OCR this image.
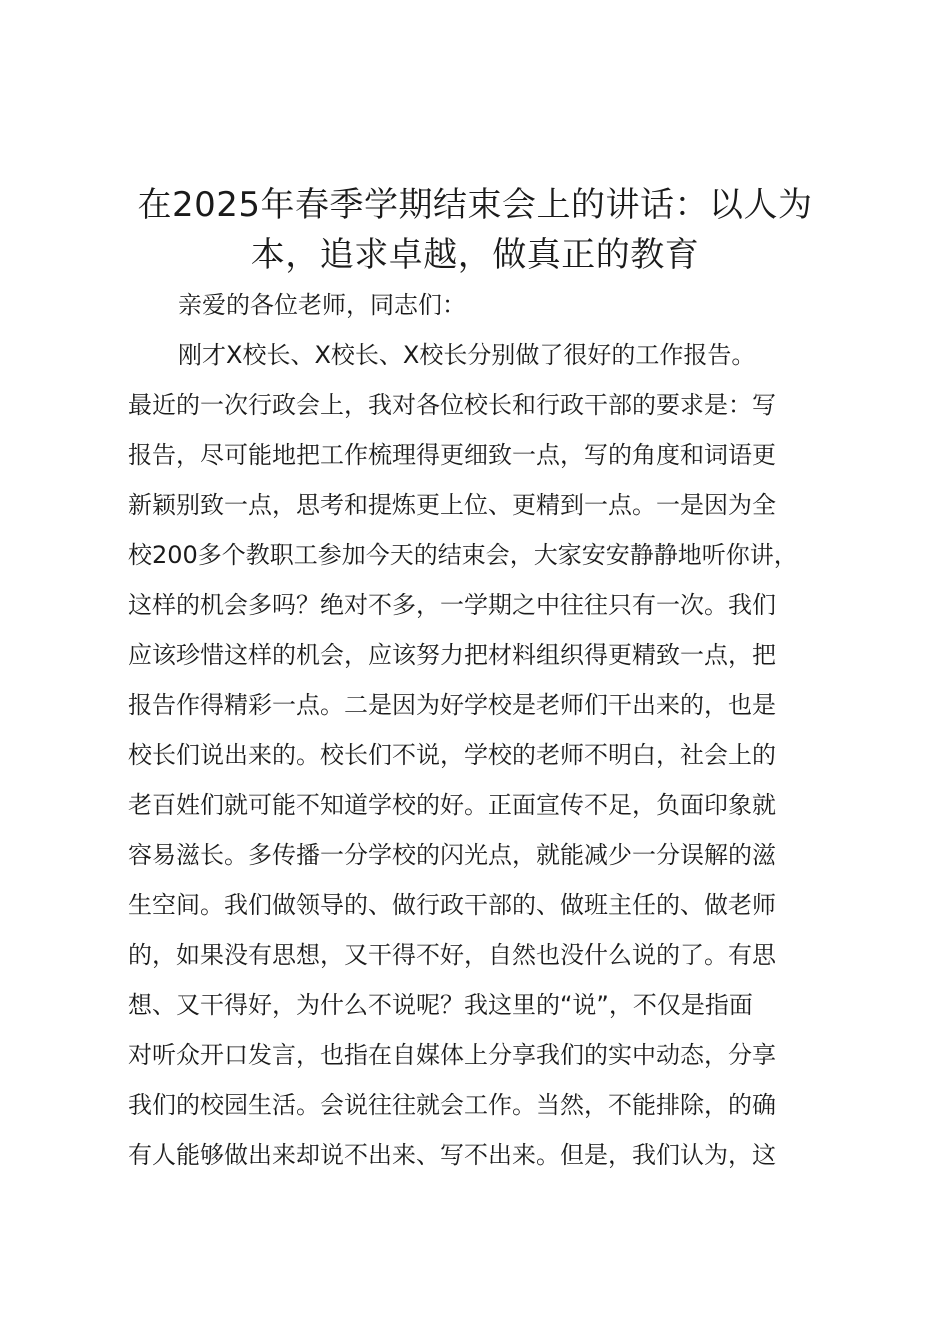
在2025年春季学期结束会上的讲话：以人为
本，追求卓越，做真正的教育
亲爱的各位老师，同志们：
刚才X校长、X校长、X校长分别做了很好的工作报告。
最近的一次行政会上，我对各位校长和行政干部的要求是：写
报告，尽可能地把工作梳理得更细致一点，写的角度和词语更
新颖别致一点，思考和提炼更上位、更精到一点。一是因为全
校200多个教职工参加今天的结束会，大家安安静静地听你讲，
这样的机会多吗？绝对不多，一学期之中往往只有一次。我们
应该珍惜这样的机会，应该努力把材料组织得更精致一点，把
报告作得精彩一点。二是因为好学校是老师们干出来的，也是
校长们说出来的。校长们不说，学校的老师不明白，社会上的
老百姓们就可能不知道学校的好。正面宣传不足，负面印象就
容易滋长。多传播一分学校的闪光点，就能减少一分误解的滋
生空间。我们做领导的、做行政干部的、做班主任的、做老师
的，如果没有思想，又干得不好，自然也没什么说的了。有思
想、又干得好，为什么不说呢？我这里的“说”，不仅是指面
对听众开口发言，也指在自媒体上分享我们的实中动态，分享
我们的校园生活。会说往往就会工作。当然，不能排除，的确
有人能够做出来却说不出来、写不出来。但是，我们认为，这
